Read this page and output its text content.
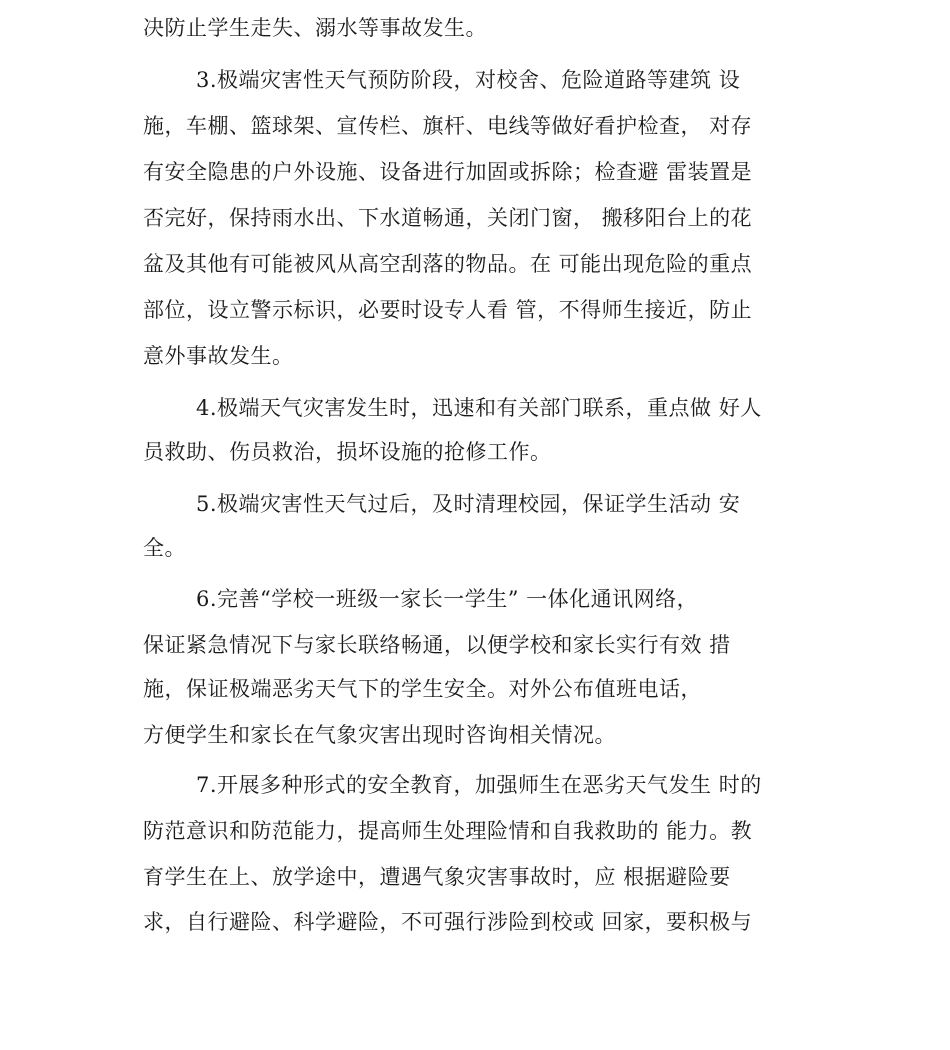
决防止学生走失、溺水等事故发生。
3.极端灾害性天气预防阶段，对校舍、危险道路等建筑 设
施，车棚、篮球架、宣传栏、旗杆、电线等做好看护检查， 对存
有安全隐患的户外设施、设备进行加固或拆除；检查避 雷装置是
否完好，保持雨水出、下水道畅通，关闭门窗， 搬移阳台上的花
盆及其他有可能被风从高空刮落的物品。在 可能出现危险的重点
部位，设立警示标识，必要时设专人看 管，不得师生接近，防止
意外事故发生。
4.极端天气灾害发生时，迅速和有关部门联系，重点做 好人
员救助、伤员救治，损坏设施的抢修工作。
5.极端灾害性天气过后，及时清理校园，保证学生活动 安
全。
6.完善“学校一班级一家长一学生” 一体化通讯网络，
保证紧急情况下与家长联络畅通，以便学校和家长实行有效 措
施，保证极端恶劣天气下的学生安全。对外公布值班电话，
方便学生和家长在气象灾害出现时咨询相关情况。
7.开展多种形式的安全教育，加强师生在恶劣天气发生 时的
防范意识和防范能力，提高师生处理险情和自我救助的 能力。教
育学生在上、放学途中，遭遇气象灾害事故时，应 根据避险要
求，自行避险、科学避险，不可强行涉险到校或 回家，要积极与
